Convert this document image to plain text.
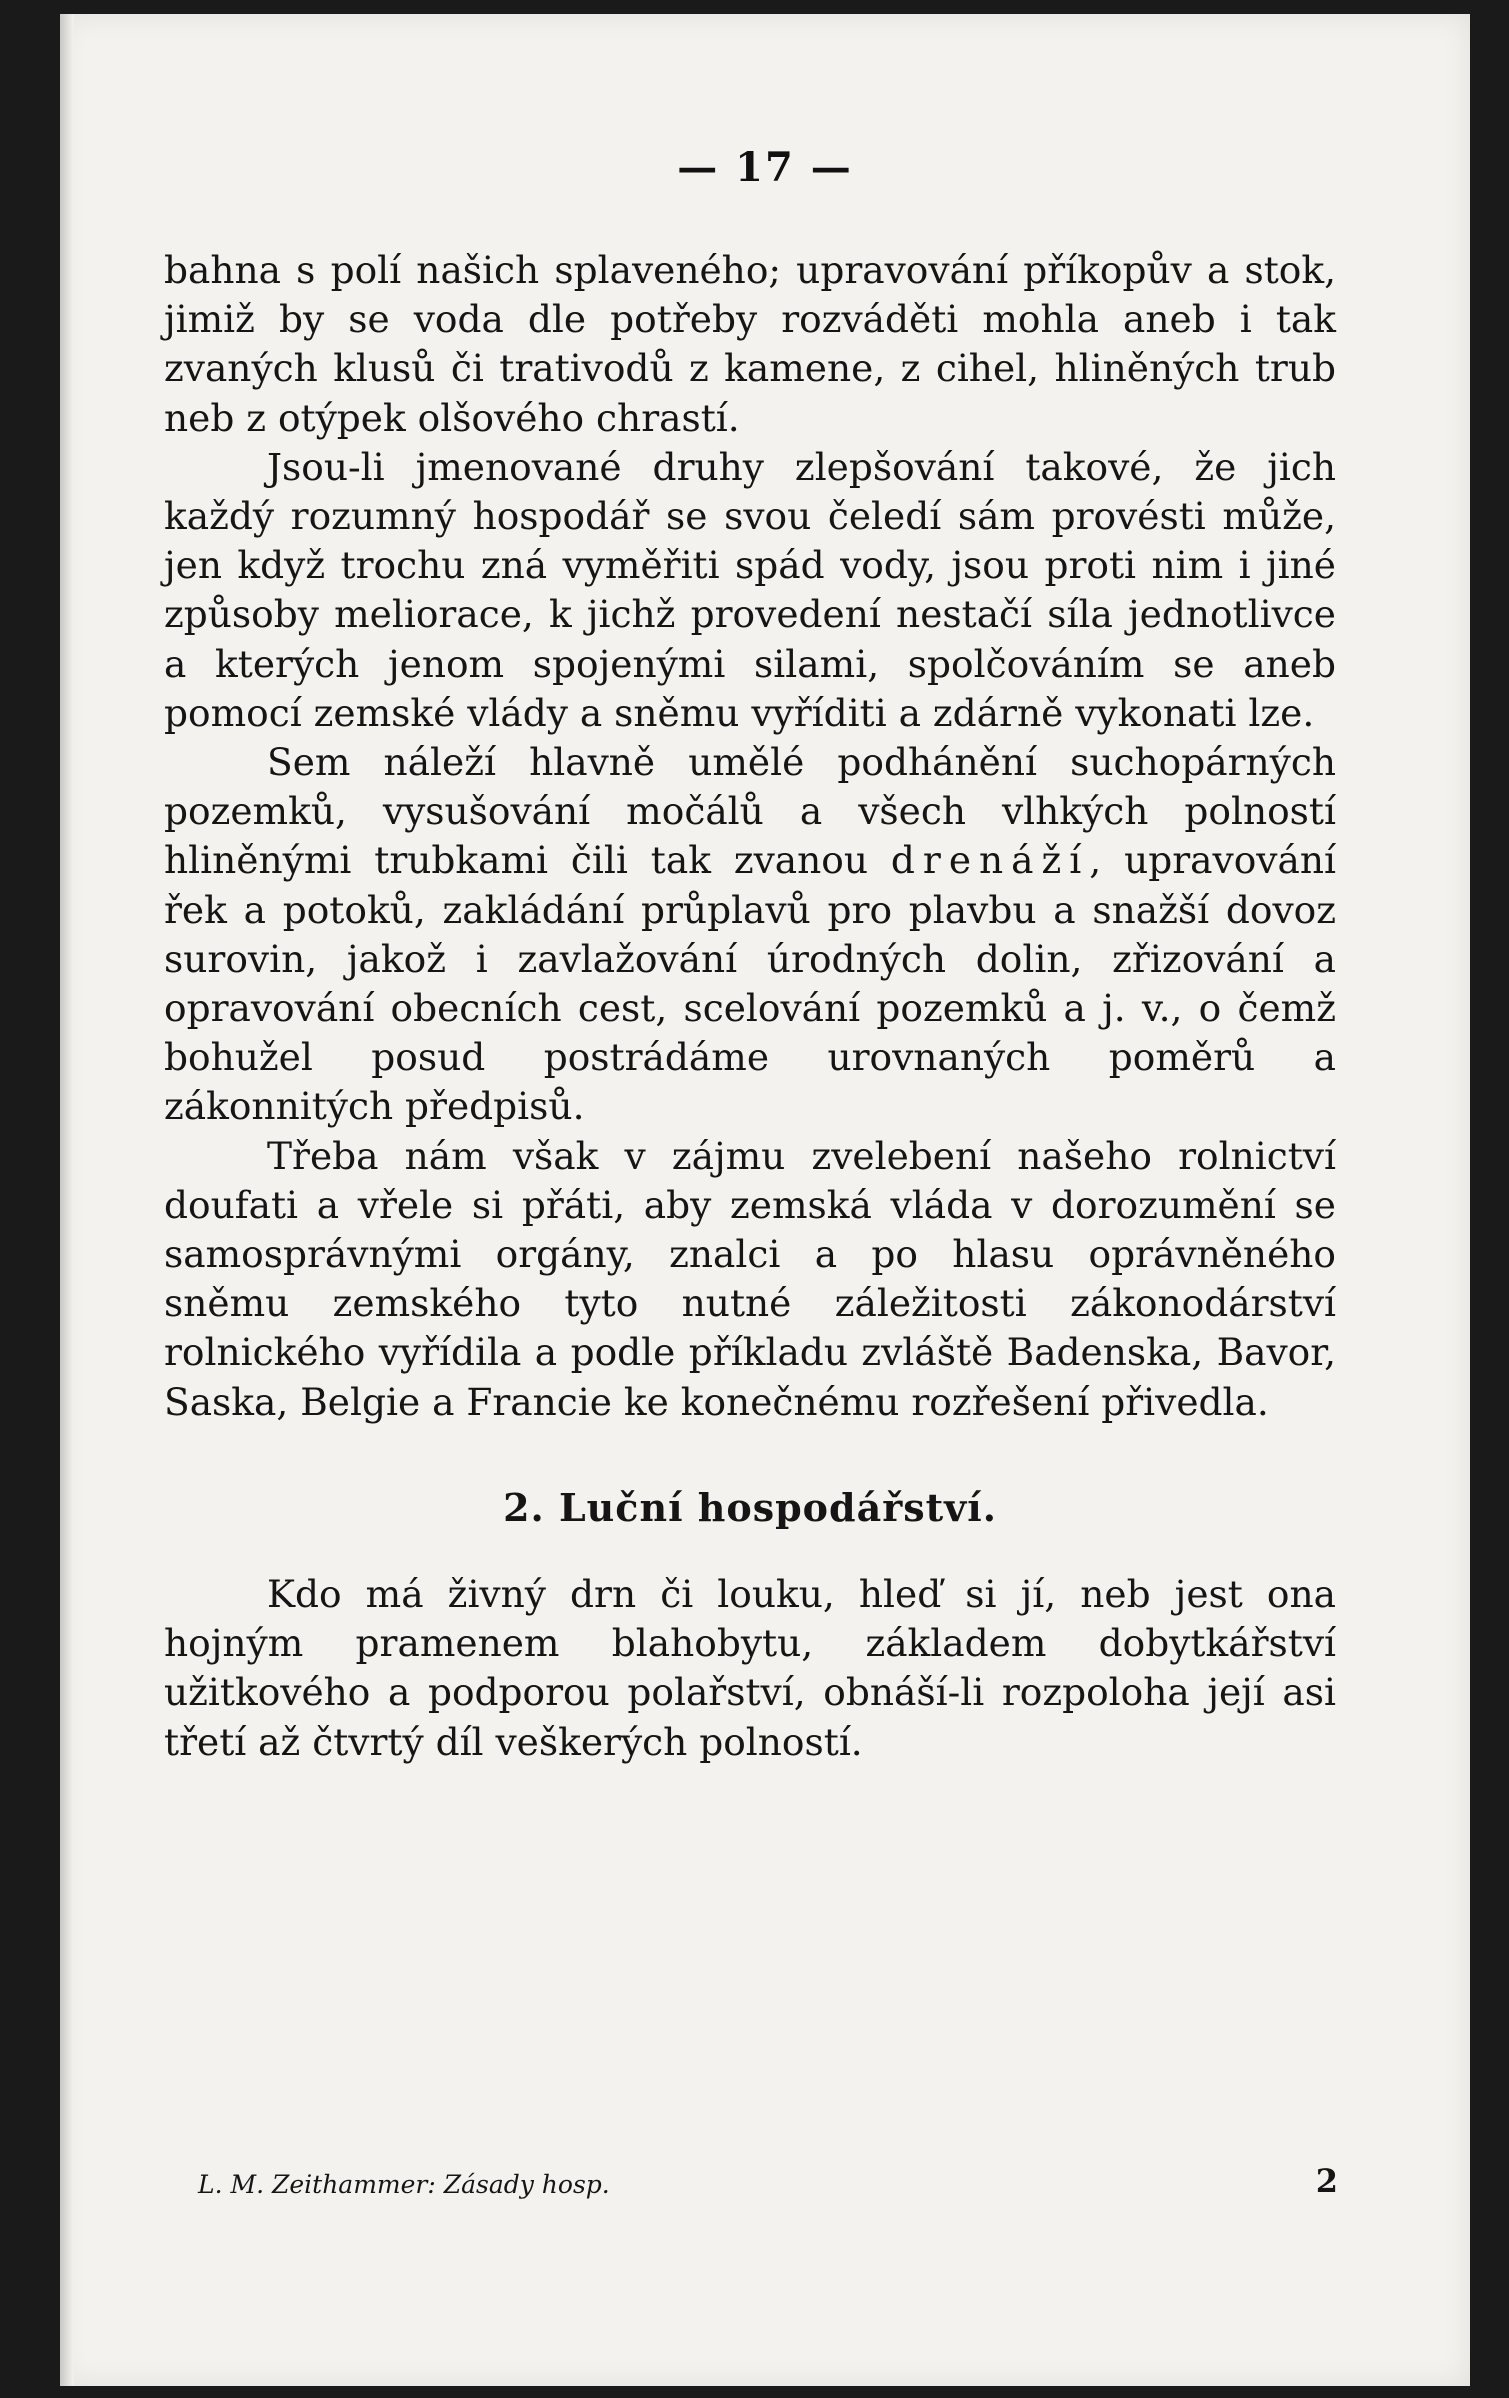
— 17 —

bahna s polí našich splaveného; upravování příkopův a stok, jimiž by se voda dle potřeby rozváděti mohla aneb i tak zvaných klusů či trativodů z kamene, z cihel, hliněných trub neb z otýpek olšového chrastí.

Jsou-li jmenované druhy zlepšování takové, že jich každý rozumný hospodář se svou čeledí sám provésti může, jen když trochu zná vyměřiti spád vody, jsou proti nim i jiné způsoby meliorace, k jichž provedení nestačí síla jednotlivce a kterých jenom spojenými silami, spolčováním se aneb pomocí zemské vlády a sněmu vyříditi a zdárně vykonati lze.

Sem náleží hlavně umělé podhánění suchopárných pozemků, vysušování močálů a všech vlhkých polností hliněnými trubkami čili tak zvanou drenáží, upravování řek a potoků, zakládání průplavů pro plavbu a snažší dovoz surovin, jakož i zavlažování úrodných dolin, zřizování a opravování obecních cest, scelování pozemků a j. v., o čemž bohužel posud postrádáme urovnaných poměrů a zákonnitých předpisů.

Třeba nám však v zájmu zvelebení našeho rolnictví doufati a vřele si přáti, aby zemská vláda v dorozumění se samosprávnými orgány, znalci a po hlasu oprávněného sněmu zemského tyto nutné záležitosti zákonodárství rolnického vyřídila a podle příkladu zvláště Badenska, Bavor, Saska, Belgie a Francie ke konečnému rozřešení přivedla.

2. Luční hospodářství.

Kdo má živný drn či louku, hleď si jí, neb jest ona hojným pramenem blahobytu, základem dobytkářství užitkového a podporou polařství, obnáší-li rozpoloha její asi třetí až čtvrtý díl veškerých polností.

L. M. Zeithammer: Zásady hosp.	2
